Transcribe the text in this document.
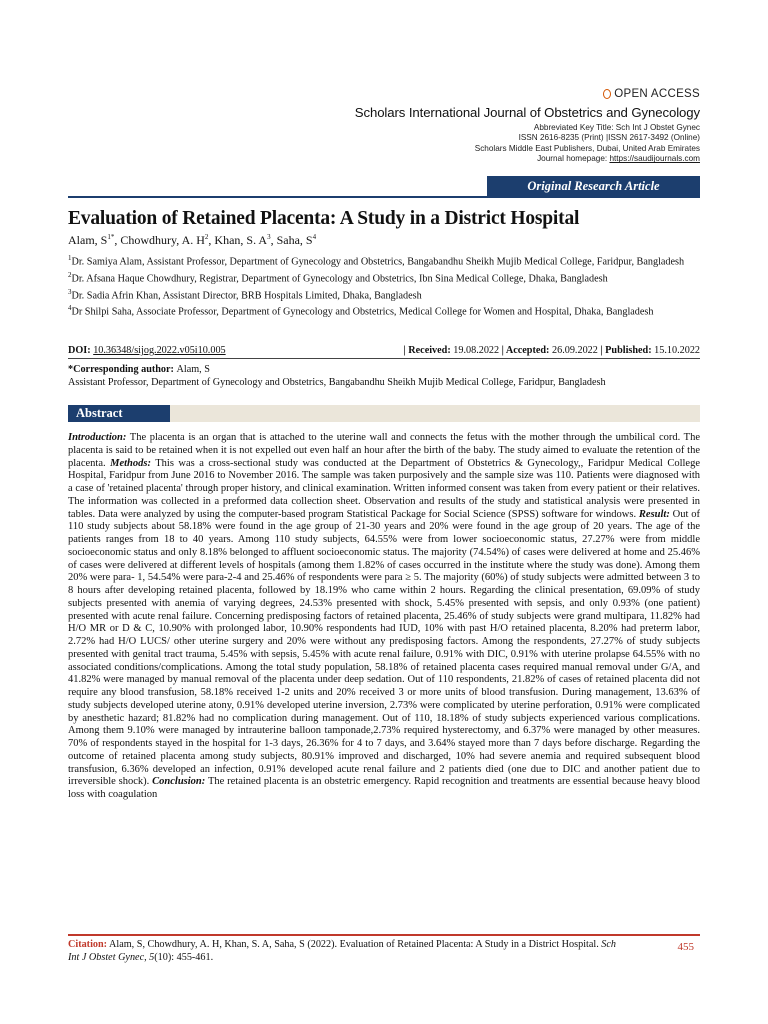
OPEN ACCESS
Scholars International Journal of Obstetrics and Gynecology
Abbreviated Key Title: Sch Int J Obstet Gynec
ISSN 2616-8235 (Print) |ISSN 2617-3492 (Online)
Scholars Middle East Publishers, Dubai, United Arab Emirates
Journal homepage: https://saudijournals.com
Original Research Article
Evaluation of Retained Placenta: A Study in a District Hospital
Alam, $S^{1*}$, Chowdhury, A. $H^2$, Khan, S. $A^3$, Saha, $S^4$
$^1$Dr. Samiya Alam, Assistant Professor, Department of Gynecology and Obstetrics, Bangabandhu Sheikh Mujib Medical College, Faridpur, Bangladesh
$^2$Dr. Afsana Haque Chowdhury, Registrar, Department of Gynecology and Obstetrics, Ibn Sina Medical College, Dhaka, Bangladesh
$^3$Dr. Sadia Afrin Khan, Assistant Director, BRB Hospitals Limited, Dhaka, Bangladesh
$^4$Dr Shilpi Saha, Associate Professor, Department of Gynecology and Obstetrics, Medical College for Women and Hospital, Dhaka, Bangladesh
DOI: 10.36348/sijog.2022.v05i10.005	| Received: 19.08.2022 | Accepted: 26.09.2022 | Published: 15.10.2022
*Corresponding author: Alam, S
Assistant Professor, Department of Gynecology and Obstetrics, Bangabandhu Sheikh Mujib Medical College, Faridpur, Bangladesh
Abstract
Introduction: The placenta is an organ that is attached to the uterine wall and connects the fetus with the mother through the umbilical cord. The placenta is said to be retained when it is not expelled out even half an hour after the birth of the baby. The study aimed to evaluate the retention of the placenta. Methods: This was a cross-sectional study was conducted at the Department of Obstetrics & Gynecology,, Faridpur Medical College Hospital, Faridpur from June 2016 to November 2016. The sample was taken purposively and the sample size was 110. Patients were diagnosed with a case of 'retained placenta' through proper history, and clinical examination. Written informed consent was taken from every patient or their relatives. The information was collected in a preformed data collection sheet. Observation and results of the study and statistical analysis were presented in tables. Data were analyzed by using the computer-based program Statistical Package for Social Science (SPSS) software for windows. Result: Out of 110 study subjects about 58.18% were found in the age group of 21-30 years and 20% were found in the age group of 20 years. The age of the patients ranges from 18 to 40 years. Among 110 study subjects, 64.55% were from lower socioeconomic status, 27.27% were from middle socioeconomic status and only 8.18% belonged to affluent socioeconomic status. The majority (74.54%) of cases were delivered at home and 25.46% of cases were delivered at different levels of hospitals (among them 1.82% of cases occurred in the institute where the study was done). Among them 20% were para- 1, 54.54% were para-2-4 and 25.46% of respondents were para ≥ 5. The majority (60%) of study subjects were admitted between 3 to 8 hours after developing retained placenta, followed by 18.19% who came within 2 hours. Regarding the clinical presentation, 69.09% of study subjects presented with anemia of varying degrees, 24.53% presented with shock, 5.45% presented with sepsis, and only 0.93% (one patient) presented with acute renal failure. Concerning predisposing factors of retained placenta, 25.46% of study subjects were grand multipara, 11.82% had H/O MR or D & C, 10.90% with prolonged labor, 10.90% respondents had IUD, 10% with past H/O retained placenta, 8.20% had preterm labor, 2.72% had H/O LUCS/ other uterine surgery and 20% were without any predisposing factors. Among the respondents, 27.27% of study subjects presented with genital tract trauma, 5.45% with sepsis, 5.45% with acute renal failure, 0.91% with DIC, 0.91% with uterine prolapse 64.55% with no associated conditions/complications. Among the total study population, 58.18% of retained placenta cases required manual removal under G/A, and 41.82% were managed by manual removal of the placenta under deep sedation. Out of 110 respondents, 21.82% of cases of retained placenta did not require any blood transfusion, 58.18% received 1-2 units and 20% received 3 or more units of blood transfusion. During management, 13.63% of study subjects developed uterine atony, 0.91% developed uterine inversion, 2.73% were complicated by uterine perforation, 0.91% were complicated by anesthetic hazard; 81.82% had no complication during management. Out of 110, 18.18% of study subjects experienced various complications. Among them 9.10% were managed by intrauterine balloon tamponade,2.73% required hysterectomy, and 6.37% were managed by other measures. 70% of respondents stayed in the hospital for 1-3 days, 26.36% for 4 to 7 days, and 3.64% stayed more than 7 days before discharge. Regarding the outcome of retained placenta among study subjects, 80.91% improved and discharged, 10% had severe anemia and required subsequent blood transfusion, 6.36% developed an infection, 0.91% developed acute renal failure and 2 patients died (one due to DIC and another patient due to irreversible shock). Conclusion: The retained placenta is an obstetric emergency. Rapid recognition and treatments are essential because heavy blood loss with coagulation
Citation: Alam, S, Chowdhury, A. H, Khan, S. A, Saha, S (2022). Evaluation of Retained Placenta: A Study in a District Hospital. Sch Int J Obstet Gynec, 5(10): 455-461.
455
